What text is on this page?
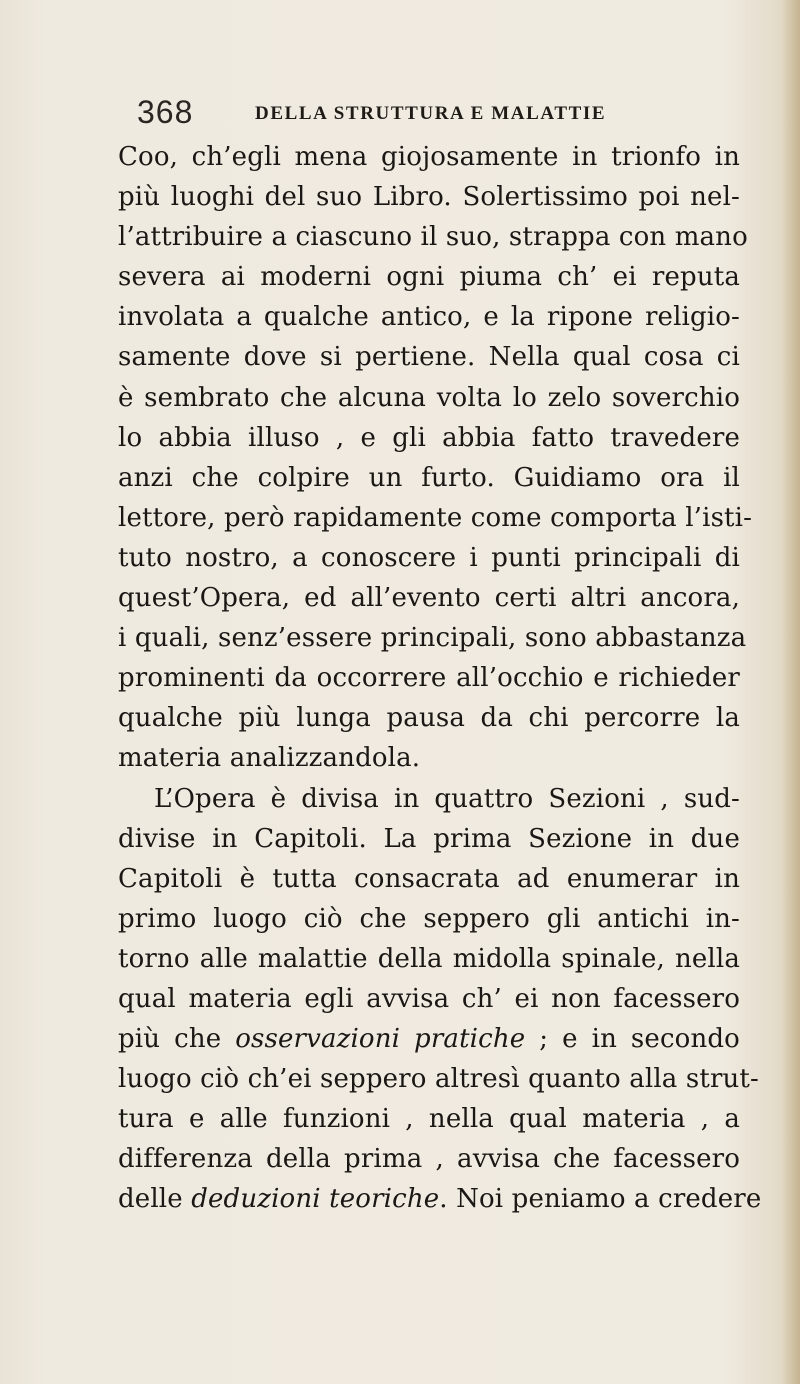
368	DELLA STRUTTURA E MALATTIE
Coo, ch’egli mena giojosamente in trionfo in
più luoghi del suo Libro. Solertissimo poi nel-
l’attribuire a ciascuno il suo, strappa con mano
severa ai moderni ogni piuma ch’ ei reputa
involata a qualche antico, e la ripone religio-
samente dove si pertiene. Nella qual cosa ci
è sembrato che alcuna volta lo zelo soverchio
lo abbia illuso , e gli abbia fatto travedere
anzi che colpire un furto. Guidiamo ora il
lettore, però rapidamente come comporta l’isti-
tuto nostro, a conoscere i punti principali di
quest’Opera, ed all’evento certi altri ancora,
i quali, senz’essere principali, sono abbastanza
prominenti da occorrere all’occhio e richieder
qualche più lunga pausa da chi percorre la
materia analizzandola.
L’Opera è divisa in quattro Sezioni , sud-
divise in Capitoli. La prima Sezione in due
Capitoli è tutta consacrata ad enumerar in
primo luogo ciò che seppero gli antichi in-
torno alle malattie della midolla spinale, nella
qual materia egli avvisa ch’ ei non facessero
più che osservazioni pratiche ; e in secondo
luogo ciò ch’ei seppero altresì quanto alla strut-
tura e alle funzioni , nella qual materia , a
differenza della prima , avvisa che facessero
delle deduzioni teoriche. Noi peniamo a credere
